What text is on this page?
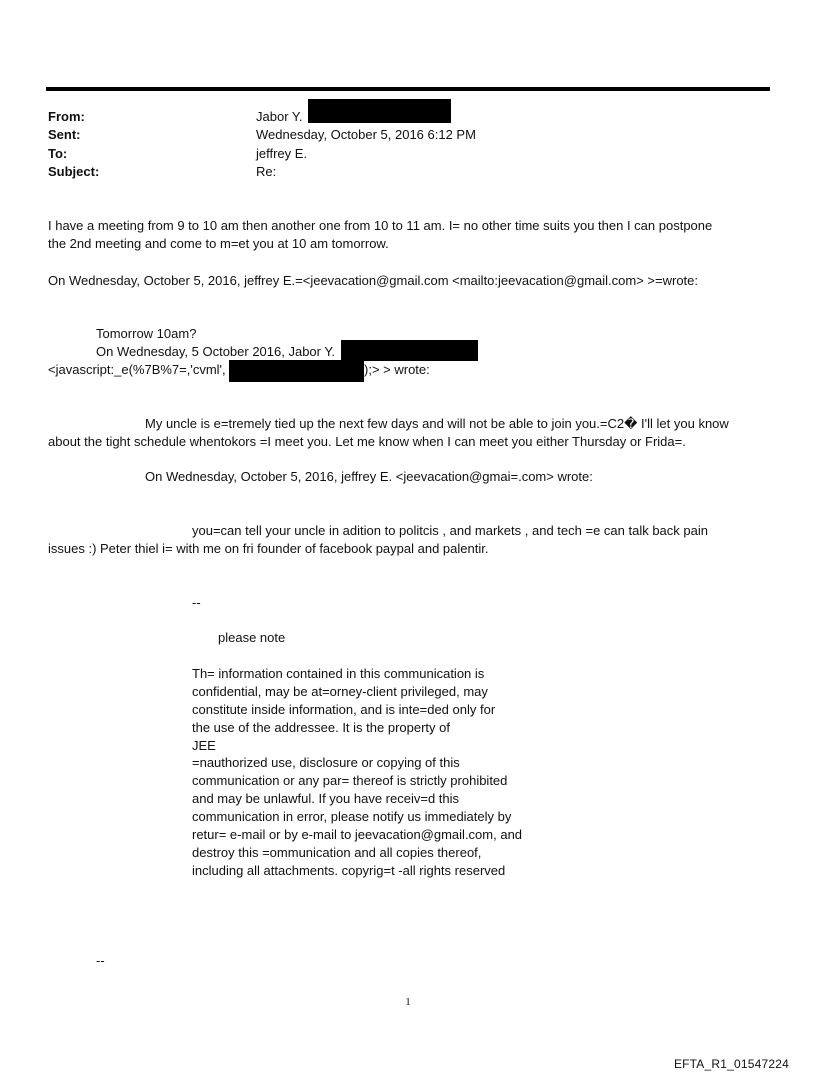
From:	Jabor Y.
Sent:	Wednesday, October 5, 2016 6:12 PM
To:	jeffrey E.
Subject:	Re:
I have a meeting from 9 to 10 am then another one from 10 to 11 am. I= no other time suits you then I can postpone
the 2nd meeting and come to m=et you at 10 am tomorrow.
On Wednesday, October 5, 2016, jeffrey E.=<jeevacation@gmail.com <mailto:jeevacation@gmail.com> >=wrote:
Tomorrow 10am?
On Wednesday, 5 October 2016, Jabor Y.
<javascript:_e(%7B%7=,'cvml',	);> > wrote:
My uncle is e=tremely tied up the next few days and will not be able to join you.=C2� I'll let you know
about the tight schedule whentokors =I meet you. Let me know when I can meet you either Thursday or Frida=.
On Wednesday, October 5, 2016, jeffrey E. <jeevacation@gmai=.com> wrote:
you=can tell your uncle in adition to politcis , and markets , and tech =e can talk back pain
issues :) Peter thiel i= with me on fri founder of facebook paypal and palentir.
--
please note
Th= information contained in this communication is
confidential, may be at=orney-client privileged, may
constitute inside information, and is inte=ded only for
the use of the addressee. It is the property of
JEE
=nauthorized use, disclosure or copying of this
communication or any par= thereof is strictly prohibited
and may be unlawful. If you have receiv=d this
communication in error, please notify us immediately by
retur= e-mail or by e-mail to jeevacation@gmail.com, and
destroy this =ommunication and all copies thereof,
including all attachments. copyrig=t -all rights reserved
--
1
EFTA_R1_01547224
